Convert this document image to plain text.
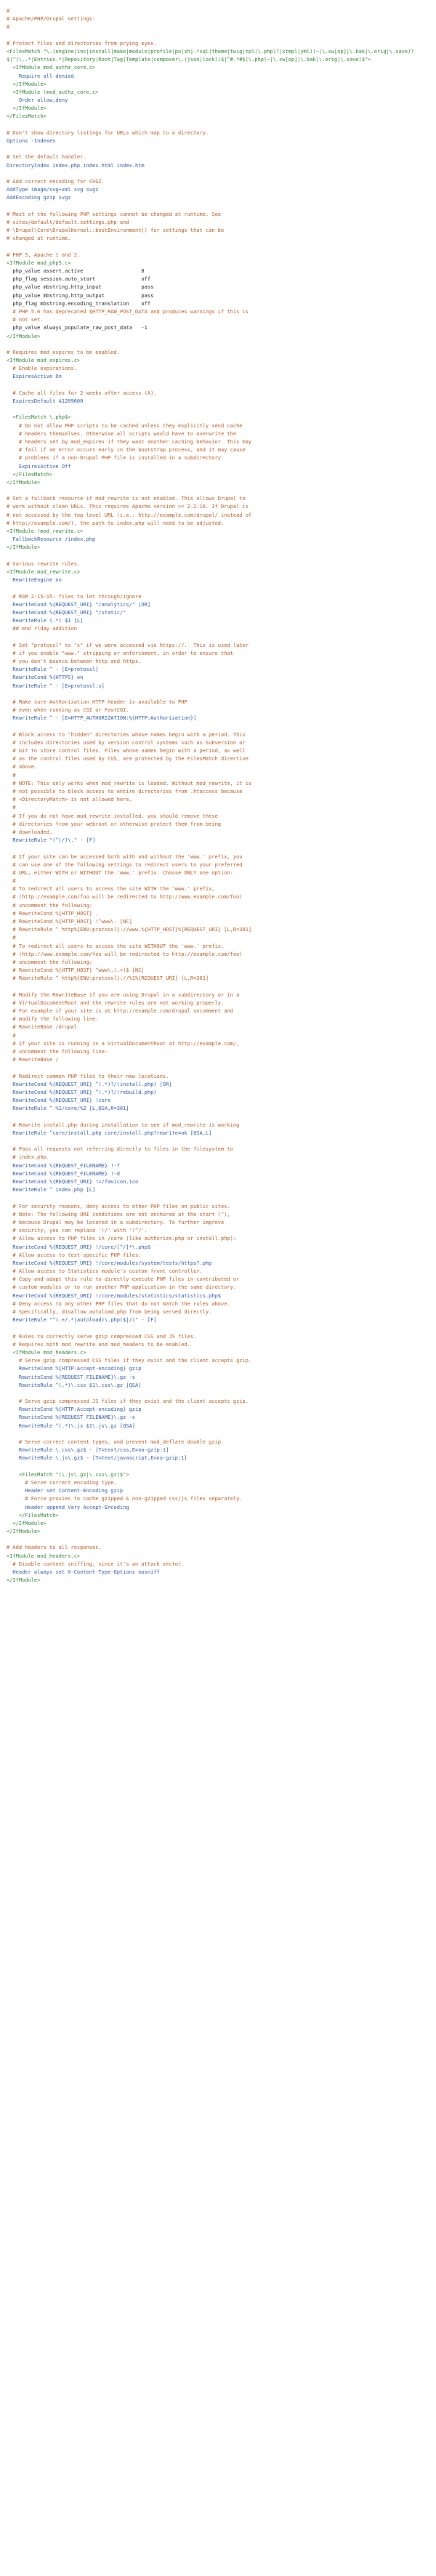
#
# Apache/PHP/Drupal settings:
#
# Protect files and directories from prying eyes.
<FilesMatch "\.(engine|inc|install|make|module|profile|po|sh|.*sql|theme|twig|tpl(\.php)?|xtmpl|yml)(~|\.sw[op]|\.bak|\.orig|\.save)?
$|^(\..*|Entries.*|Repository|Root|Tag|Template|composer\.(json|lock))$|^#.*#$|\.php(~|\.sw[op]|\.bak|\.orig|\.save)$">
<IfModule mod_authz_core.c>
Require all denied
</IfModule>
<IfModule !mod_authz_core.c>
Order allow,deny
</IfModule>
</FilesMatch>
# Don't show directory listings for URLs which map to a directory.
Options -Indexes
# Set the default handler.
DirectoryIndex index.php index.html index.htm
# Add correct encoding for SVGZ.
AddType image/svg+xml svg svgz
AddEncoding gzip svgz
# Most of the following PHP settings cannot be changed at runtime. See
# sites/default/default.settings.php and
# \Drupal\Core\DrupalKernel::bootEnvironment() for settings that can be
# changed at runtime.
# PHP 5, Apache 1 and 2.
<IfModule mod_php5.c>
php_value assert.active                   0
php_flag session.auto_start               off
php_value mbstring.http_input             pass
php_value mbstring.http_output            pass
php_flag mbstring.encoding_translation    off
# PHP 5.6 has deprecated $HTTP_RAW_POST_DATA and produces warnings if this is
# not set.
php_value always_populate_raw_post_data   -1
</IfModule>
# Requires mod_expires to be enabled.
<IfModule mod_expires.c>
# Enable expirations.
ExpiresActive On
# Cache all files for 2 weeks after access (A).
ExpiresDefault A1209600
<FilesMatch \.php$>
# Do not allow PHP scripts to be cached unless they explicitly send cache
# headers themselves. Otherwise all scripts would have to overwrite the
# headers set by mod_expires if they want another caching behavior. This may
# fail if an error occurs early in the bootstrap process, and it may cause
# problems if a non-Drupal PHP file is installed in a subdirectory.
ExpiresActive Off
</FilesMatch>
</IfModule>
# Set a fallback resource if mod_rewrite is not enabled. This allows Drupal to
# work without clean URLs. This requires Apache version >= 2.2.16. If Drupal is
# not accessed by the top level URL (i.e.: http://example.com/drupal/ instead of
# http://example.com/), the path to index.php will need to be adjusted.
<IfModule !mod_rewrite.c>
FallbackResource /index.php
</IfModule>
# Various rewrite rules.
<IfModule mod_rewrite.c>
RewriteEngine on
# RSM 2-15-15: files to let through/ignore
RewriteCond %{REQUEST_URI} "/analytics/" [OR]
RewriteCond %{REQUEST_URI} "/static/"
RewriteRule (.*) $1 [L]
## end rlday addition
# Set "protossl" to "s" if we were accessed via https://.  This is used later
# if you enable "www." stripping or enforcement, in order to ensure that
# you don't bounce between http and https.
RewriteRule ^ - [E=protossl]
RewriteCond %{HTTPS} on
RewriteRule ^ - [E=protossl:s]
# Make sure Authorization HTTP header is available to PHP
# even when running as CGI or FastCGI.
RewriteRule ^ - [E=HTTP_AUTHORIZATION:%{HTTP:Authorization}]
# Block access to "hidden" directories whose names begin with a period. This
# includes directories used by version control systems such as Subversion or
# Git to store control files. Files whose names begin with a period, as well
# as the control files used by CVS, are protected by the FilesMatch directive
# above.
#
# NOTE: This only works when mod_rewrite is loaded. Without mod_rewrite, it is
# not possible to block access to entire directories from .htaccess because
# <DirectoryMatch> is not allowed here.
#
# If you do not have mod_rewrite installed, you should remove these
# directories from your webroot or otherwise protect them from being
# downloaded.
RewriteRule "(^|/)\." - [F]
# If your site can be accessed both with and without the 'www.' prefix, you
# can use one of the following settings to redirect users to your preferred
# URL, either WITH or WITHOUT the 'www.' prefix. Choose ONLY one option:
#
# To redirect all users to access the site WITH the 'www.' prefix,
# (http://example.com/foo will be redirected to http://www.example.com/foo)
# uncomment the following:
# RewriteCond %{HTTP_HOST} .
# RewriteCond %{HTTP_HOST} !^www\. [NC]
# RewriteRule ^ http%{ENV:protossl}://www.%{HTTP_HOST}%{REQUEST_URI} [L,R=301]
#
# To redirect all users to access the site WITHOUT the 'www.' prefix,
# (http://www.example.com/foo will be redirected to http://example.com/foo)
# uncomment the following:
# RewriteCond %{HTTP_HOST} ^www\.(.+)$ [NC]
# RewriteRule ^ http%{ENV:protossl}://%1%{REQUEST_URI} [L,R=301]
# Modify the RewriteBase if you are using Drupal in a subdirectory or in a
# VirtualDocumentRoot and the rewrite rules are not working properly.
# For example if your site is at http://example.com/drupal uncomment and
# modify the following line:
# RewriteBase /drupal
#
# If your site is running in a VirtualDocumentRoot at http://example.com/,
# uncomment the following line:
# RewriteBase /
# Redirect common PHP files to their new locations.
RewriteCond %{REQUEST_URI} ^(.*)?/(install.php) [OR]
RewriteCond %{REQUEST_URI} ^(.*)?/(rebuild.php)
RewriteCond %{REQUEST_URI} !core
RewriteRule ^ %1/core/%2 [L,QSA,R=301]
# Rewrite install.php during installation to see if mod_rewrite is working
RewriteRule ^core/install.php core/install.php?rewrite=ok [QSA,L]
# Pass all requests not referring directly to files in the filesystem to
# index.php.
RewriteCond %{REQUEST_FILENAME} !-f
RewriteCond %{REQUEST_FILENAME} !-d
RewriteCond %{REQUEST_URI} !=/favicon.ico
RewriteRule ^ index.php [L]
# For security reasons, deny access to other PHP files on public sites.
# Note: The following URI conditions are not anchored at the start (^),
# because Drupal may be located in a subdirectory. To further improve
# security, you can replace '!/' with '!^/'.
# Allow access to PHP files in /core (like authorize.php or install.php):
RewriteCond %{REQUEST_URI} !/core/[^/]*\.php$
# Allow access to test-specific PHP files:
RewriteCond %{REQUEST_URI} !/core/modules/system/tests/https?.php
# Allow access to Statistics module's custom front controller.
# Copy and adapt this rule to directly execute PHP files in contributed or
# custom modules or to run another PHP application in the same directory.
RewriteCond %{REQUEST_URI} !/core/modules/statistics/statistics.php$
# Deny access to any other PHP files that do not match the rules above.
# Specifically, disallow autoload.php from being served directly.
RewriteRule "^(.+/.*|autoload)\.php($|/)" - [F]
# Rules to correctly serve gzip compressed CSS and JS files.
# Requires both mod_rewrite and mod_headers to be enabled.
<IfModule mod_headers.c>
# Serve gzip compressed CSS files if they exist and the client accepts gzip.
RewriteCond %{HTTP:Accept-encoding} gzip
RewriteCond %{REQUEST_FILENAME}\.gz -s
RewriteRule ^(.*)\.css $1\.css\.gz [QSA]
# Serve gzip compressed JS files if they exist and the client accepts gzip.
RewriteCond %{HTTP:Accept-encoding} gzip
RewriteCond %{REQUEST_FILENAME}\.gz -s
RewriteRule ^(.*)\.js $1\.js\.gz [QSA]
# Serve correct content types, and prevent mod_deflate double gzip.
RewriteRule \.css\.gz$ - [T=text/css,E=no-gzip:1]
RewriteRule \.js\.gz$ - [T=text/javascript,E=no-gzip:1]
<FilesMatch "(\.js\.gz|\.css\.gz)$">
# Serve correct encoding type.
Header set Content-Encoding gzip
# Force proxies to cache gzipped & non-gzipped css/js files separately.
Header append Vary Accept-Encoding
</FilesMatch>
</IfModule>
</IfModule>
# Add headers to all responses.
<IfModule mod_headers.c>
# Disable content sniffing, since it's an attack vector.
Header always set X-Content-Type-Options nosniff
</IfModule>
